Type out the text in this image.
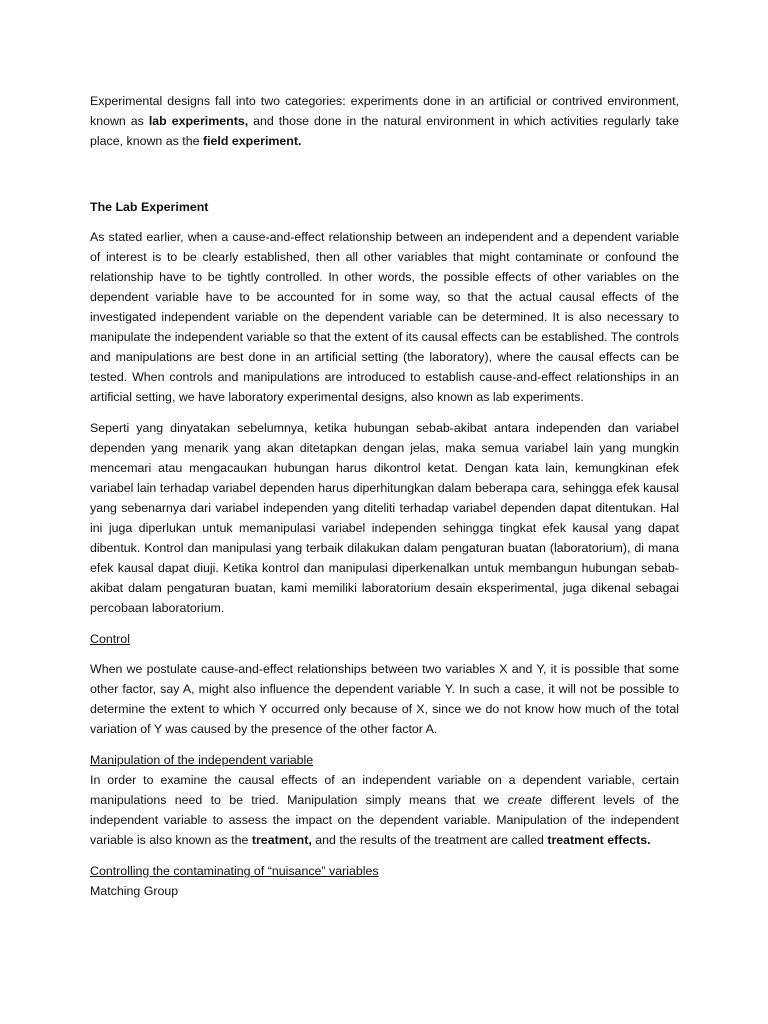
Experimental designs fall into two categories: experiments done in an artificial or contrived environment, known as lab experiments, and those done in the natural environment in which activities regularly take place, known as the field experiment.

The Lab Experiment

As stated earlier, when a cause-and-effect relationship between an independent and a dependent variable of interest is to be clearly established, then all other variables that might contaminate or confound the relationship have to be tightly controlled. In other words, the possible effects of other variables on the dependent variable have to be accounted for in some way, so that the actual causal effects of the investigated independent variable on the dependent variable can be determined. It is also necessary to manipulate the independent variable so that the extent of its causal effects can be established. The controls and manipulations are best done in an artificial setting (the laboratory), where the causal effects can be tested. When controls and manipulations are introduced to establish cause-and-effect relationships in an artificial setting, we have laboratory experimental designs, also known as lab experiments.

Seperti yang dinyatakan sebelumnya, ketika hubungan sebab-akibat antara independen dan variabel dependen yang menarik yang akan ditetapkan dengan jelas, maka semua variabel lain yang mungkin mencemari atau mengacaukan hubungan harus dikontrol ketat. Dengan kata lain, kemungkinan efek variabel lain terhadap variabel dependen harus diperhitungkan dalam beberapa cara, sehingga efek kausal yang sebenarnya dari variabel independen yang diteliti terhadap variabel dependen dapat ditentukan. Hal ini juga diperlukan untuk memanipulasi variabel independen sehingga tingkat efek kausal yang dapat dibentuk. Kontrol dan manipulasi yang terbaik dilakukan dalam pengaturan buatan (laboratorium), di mana efek kausal dapat diuji. Ketika kontrol dan manipulasi diperkenalkan untuk membangun hubungan sebab-akibat dalam pengaturan buatan, kami memiliki laboratorium desain eksperimental, juga dikenal sebagai percobaan laboratorium.

Control

When we postulate cause-and-effect relationships between two variables X and Y, it is possible that some other factor, say A, might also influence the dependent variable Y. In such a case, it will not be possible to determine the extent to which Y occurred only because of X, since we do not know how much of the total variation of Y was caused by the presence of the other factor A.

Manipulation of the independent variable

In order to examine the causal effects of an independent variable on a dependent variable, certain manipulations need to be tried. Manipulation simply means that we create different levels of the independent variable to assess the impact on the dependent variable. Manipulation of the independent variable is also known as the treatment, and the results of the treatment are called treatment effects.

Controlling the contaminating of “nuisance” variables

Matching Group
